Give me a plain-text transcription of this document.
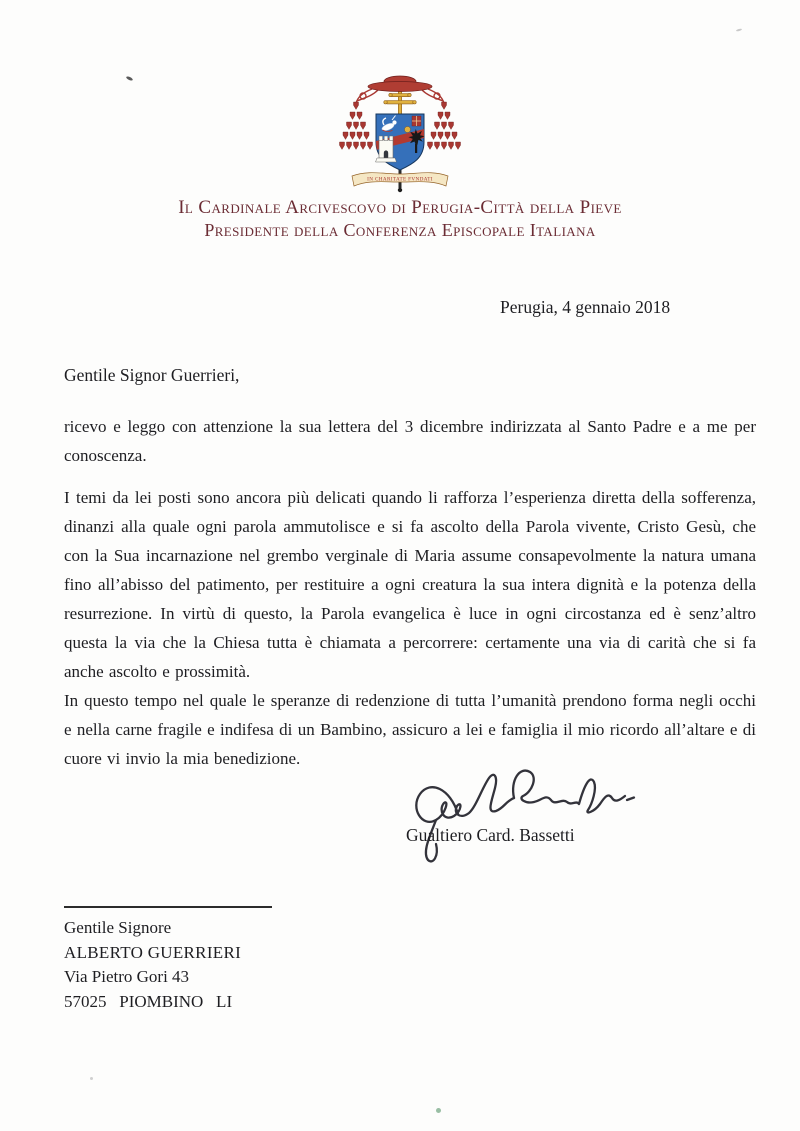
IN CHARITATE FVNDATI
Il Cardinale Arcivescovo di Perugia-Città della Pieve
Presidente della Conferenza Episcopale Italiana
Perugia, 4 gennaio 2018
Gentile Signor Guerrieri,

ricevo e leggo con attenzione la sua lettera del 3 dicembre indirizzata al Santo Padre e a me per conoscenza.

I temi da lei posti sono ancora più delicati quando li rafforza l’esperienza diretta della sofferenza, dinanzi alla quale ogni parola ammutolisce e si fa ascolto della Parola vivente, Cristo Gesù, che con la Sua incarnazione nel grembo verginale di Maria assume consapevolmente la natura umana fino all’abisso del patimento, per restituire a ogni creatura la sua intera dignità e la potenza della resurrezione. In virtù di questo, la Parola evangelica è luce in ogni circostanza ed è senz’altro questa la via che la Chiesa tutta è chiamata a percorrere: certamente una via di carità che si fa anche ascolto e prossimità.

In questo tempo nel quale le speranze di redenzione di tutta l’umanità prendono forma negli occhi e nella carne fragile e indifesa di un Bambino, assicuro a lei e famiglia il mio ricordo all’altare e di cuore vi invio la mia benedizione.

Gualtiero Card. Bassetti
Gentile Signore
ALBERTO GUERRIERI
Via Pietro Gori 43
57025   PIOMBINO   LI
